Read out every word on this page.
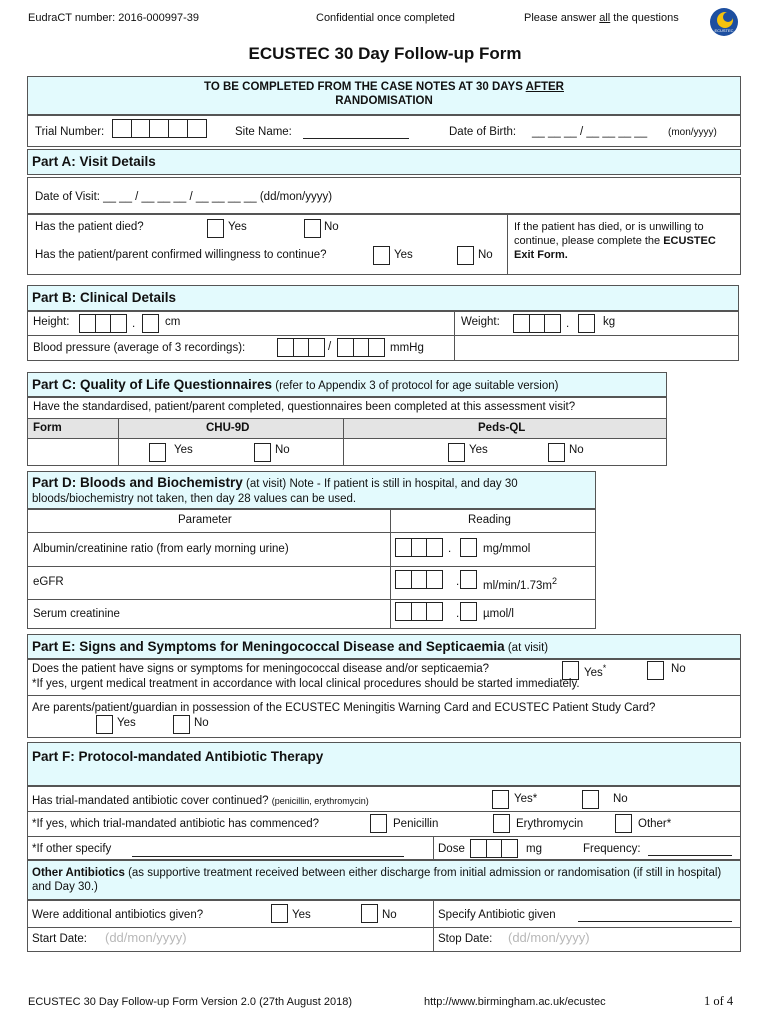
EudraCT number: 2016-000997-39	Confidential once completed	Please answer all the questions
ECUSTEC
ECUSTEC 30 Day Follow-up Form
TO BE COMPLETED FROM THE CASE NOTES AT 30 DAYS AFTER
RANDOMISATION
Trial Number:	Site Name:	Date of Birth: __ __ __ / __ __ __ __ (mon/yyyy)
Part A: Visit Details
Date of Visit: __ __ / __ __ __ / __ __ __ __ (dd/mon/yyyy)
Has the patient died?	Yes	No
Has the patient/parent confirmed willingness to continue?	Yes	No
If the patient has died, or is unwilling to continue, please complete the ECUSTEC Exit Form.
Part B: Clinical Details
Height:	.	cm	Weight:	.	kg
Blood pressure (average of 3 recordings):	/	mmHg
Part C: Quality of Life Questionnaires (refer to Appendix 3 of protocol for age suitable version)
Have the standardised, patient/parent completed, questionnaires been completed at this assessment visit?
Form	CHU-9D	Peds-QL
Yes	No	Yes	No
Part D: Bloods and Biochemistry (at visit) Note - If patient is still in hospital, and day 30
bloods/biochemistry not taken, then day 28 values can be used.
Parameter	Reading
Albumin/creatinine ratio (from early morning urine)	.	mg/mmol
eGFR	. $ml/\min/1.73m^2$
Serum creatinine	. µmol/l
Part E: Signs and Symptoms for Meningococcal Disease and Septicaemia (at visit)
Does the patient have signs or symptoms for meningococcal disease and/or septicaemia?	Yes*	No
*If yes, urgent medical treatment in accordance with local clinical procedures should be started immediately.
Are parents/patient/guardian in possession of the ECUSTEC Meningitis Warning Card and ECUSTEC Patient Study Card?
Yes	No
Part F: Protocol-mandated Antibiotic Therapy
Has trial-mandated antibiotic cover continued? (penicillin, erythromycin)	Yes*	No
*If yes, which trial-mandated antibiotic has commenced?	Penicillin	Erythromycin	Other*
*If other specify	Dose	mg	Frequency:
Other Antibiotics (as supportive treatment received between either discharge from initial admission or randomisation (if still in hospital) and Day 30.)
Were additional antibiotics given?	Yes	No	Specify Antibiotic given
Start Date: (dd/mon/yyyy)	Stop Date: (dd/mon/yyyy)
ECUSTEC 30 Day Follow-up Form Version 2.0 (27th August 2018)	http://www.birmingham.ac.uk/ecustec	1 of 4
